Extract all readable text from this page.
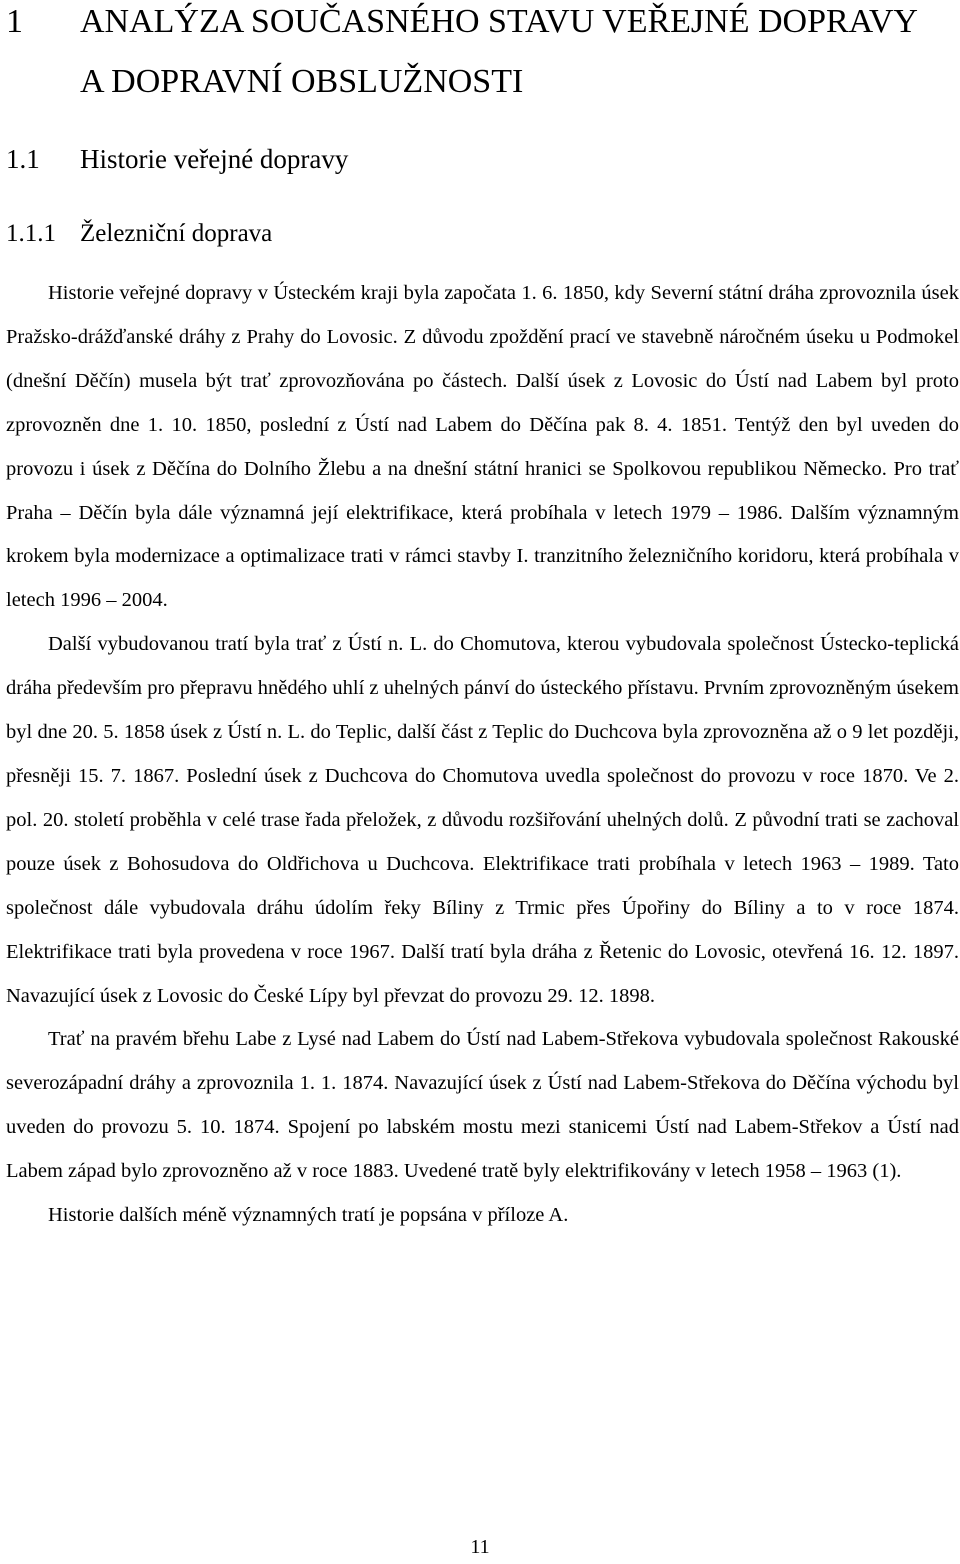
1 ANALÝZA SOUČASNÉHO STAVU VEŘEJNÉ DOPRAVY
A DOPRAVNÍ OBSLUŽNOSTI
1.1 Historie veřejné dopravy
1.1.1 Železniční doprava

Historie veřejné dopravy v Ústeckém kraji byla započata 1. 6. 1850, kdy Severní státní dráha zprovoznila úsek Pražsko-drážďanské dráhy z Prahy do Lovosic. Z důvodu zpoždění prací ve stavebně náročném úseku u Podmokel (dnešní Děčín) musela být trať zprovozňována po částech. Další úsek z Lovosic do Ústí nad Labem byl proto zprovozněn dne 1. 10. 1850, poslední z Ústí nad Labem do Děčína pak 8. 4. 1851. Tentýž den byl uveden do provozu i úsek z Děčína do Dolního Žlebu a na dnešní státní hranici se Spolkovou republikou Německo. Pro trať Praha – Děčín byla dále významná její elektrifikace, která probíhala v letech 1979 – 1986. Dalším významným krokem byla modernizace a optimalizace trati v rámci stavby I. tranzitního železničního koridoru, která probíhala v letech 1996 – 2004.

Další vybudovanou tratí byla trať z Ústí n. L. do Chomutova, kterou vybudovala společnost Ústecko-teplická dráha především pro přepravu hnědého uhlí z uhelných pánví do ústeckého přístavu. Prvním zprovozněným úsekem byl dne 20. 5. 1858 úsek z Ústí n. L. do Teplic, další část z Teplic do Duchcova byla zprovozněna až o 9 let později, přesněji 15. 7. 1867. Poslední úsek z Duchcova do Chomutova uvedla společnost do provozu v roce 1870. Ve 2. pol. 20. století proběhla v celé trase řada přeložek, z důvodu rozšiřování uhelných dolů. Z původní trati se zachoval pouze úsek z Bohosudova do Oldřichova u Duchcova. Elektrifikace trati probíhala v letech 1963 – 1989. Tato společnost dále vybudovala dráhu údolím řeky Bíliny z Trmic přes Úpořiny do Bíliny a to v roce 1874. Elektrifikace trati byla provedena v roce 1967. Další tratí byla dráha z Řetenic do Lovosic, otevřená 16. 12. 1897. Navazující úsek z Lovosic do České Lípy byl převzat do provozu 29. 12. 1898.

Trať na pravém břehu Labe z Lysé nad Labem do Ústí nad Labem-Střekova vybudovala společnost Rakouské severozápadní dráhy a zprovoznila 1. 1. 1874. Navazující úsek z Ústí nad Labem-Střekova do Děčína východu byl uveden do provozu 5. 10. 1874. Spojení po labském mostu mezi stanicemi Ústí nad Labem-Střekov a Ústí nad Labem západ bylo zprovozněno až v roce 1883. Uvedené tratě byly elektrifikovány v letech 1958 – 1963 (1).

Historie dalších méně významných tratí je popsána v příloze A.

11
